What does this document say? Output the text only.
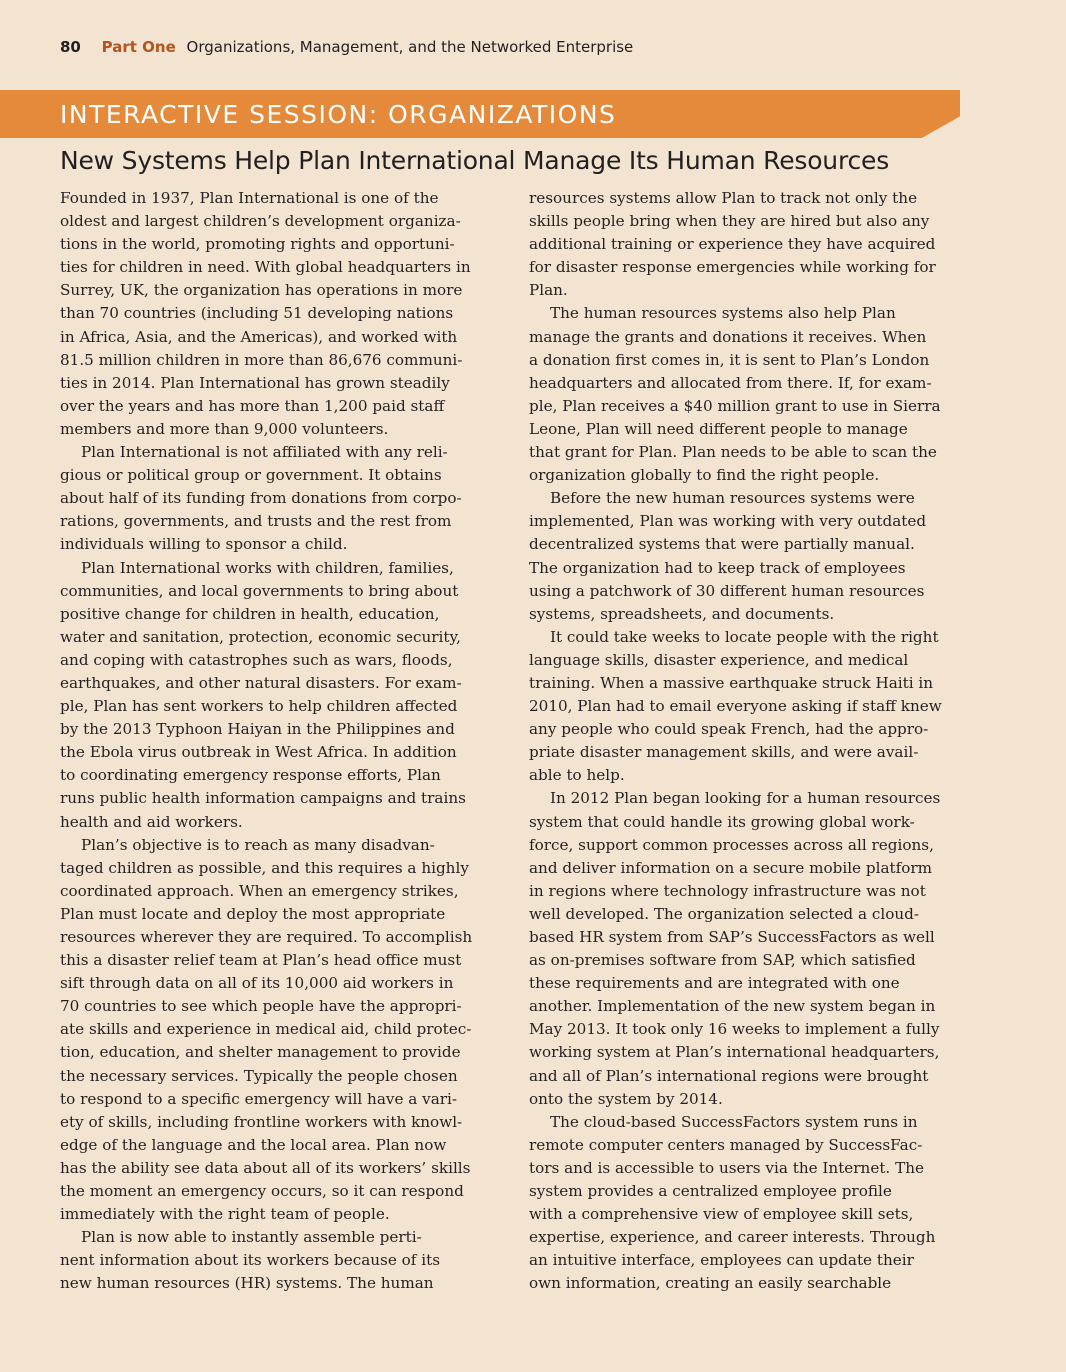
80 Part One Organizations, Management, and the Networked Enterprise
INTERACTIVE SESSION: ORGANIZATIONS
New Systems Help Plan International Manage Its Human Resources
Founded in 1937, Plan International is one of the
oldest and largest children’s development organiza-
tions in the world, promoting rights and opportuni-
ties for children in need. With global headquarters in
Surrey, UK, the organization has operations in more
than 70 countries (including 51 developing nations
in Africa, Asia, and the Americas), and worked with
81.5 million children in more than 86,676 communi-
ties in 2014. Plan International has grown steadily
over the years and has more than 1,200 paid staff
members and more than 9,000 volunteers.
Plan International is not affiliated with any reli-
gious or political group or government. It obtains
about half of its funding from donations from corpo-
rations, governments, and trusts and the rest from
individuals willing to sponsor a child.
Plan International works with children, families,
communities, and local governments to bring about
positive change for children in health, education,
water and sanitation, protection, economic security,
and coping with catastrophes such as wars, floods,
earthquakes, and other natural disasters. For exam-
ple, Plan has sent workers to help children affected
by the 2013 Typhoon Haiyan in the Philippines and
the Ebola virus outbreak in West Africa. In addition
to coordinating emergency response efforts, Plan
runs public health information campaigns and trains
health and aid workers.
Plan’s objective is to reach as many disadvan-
taged children as possible, and this requires a highly
coordinated approach. When an emergency strikes,
Plan must locate and deploy the most appropriate
resources wherever they are required. To accomplish
this a disaster relief team at Plan’s head office must
sift through data on all of its 10,000 aid workers in
70 countries to see which people have the appropri-
ate skills and experience in medical aid, child protec-
tion, education, and shelter management to provide
the necessary services. Typically the people chosen
to respond to a specific emergency will have a vari-
ety of skills, including frontline workers with knowl-
edge of the language and the local area. Plan now
has the ability see data about all of its workers’ skills
the moment an emergency occurs, so it can respond
immediately with the right team of people.
Plan is now able to instantly assemble perti-
nent information about its workers because of its
new human resources (HR) systems. The human
resources systems allow Plan to track not only the
skills people bring when they are hired but also any
additional training or experience they have acquired
for disaster response emergencies while working for
Plan.
The human resources systems also help Plan
manage the grants and donations it receives. When
a donation first comes in, it is sent to Plan’s London
headquarters and allocated from there. If, for exam-
ple, Plan receives a $40 million grant to use in Sierra
Leone, Plan will need different people to manage
that grant for Plan. Plan needs to be able to scan the
organization globally to find the right people.
Before the new human resources systems were
implemented, Plan was working with very outdated
decentralized systems that were partially manual.
The organization had to keep track of employees
using a patchwork of 30 different human resources
systems, spreadsheets, and documents.
It could take weeks to locate people with the right
language skills, disaster experience, and medical
training. When a massive earthquake struck Haiti in
2010, Plan had to email everyone asking if staff knew
any people who could speak French, had the appro-
priate disaster management skills, and were avail-
able to help.
In 2012 Plan began looking for a human resources
system that could handle its growing global work-
force, support common processes across all regions,
and deliver information on a secure mobile platform
in regions where technology infrastructure was not
well developed. The organization selected a cloud-
based HR system from SAP’s SuccessFactors as well
as on-premises software from SAP, which satisfied
these requirements and are integrated with one
another. Implementation of the new system began in
May 2013. It took only 16 weeks to implement a fully
working system at Plan’s international headquarters,
and all of Plan’s international regions were brought
onto the system by 2014.
The cloud-based SuccessFactors system runs in
remote computer centers managed by SuccessFac-
tors and is accessible to users via the Internet. The
system provides a centralized employee profile
with a comprehensive view of employee skill sets,
expertise, experience, and career interests. Through
an intuitive interface, employees can update their
own information, creating an easily searchable
